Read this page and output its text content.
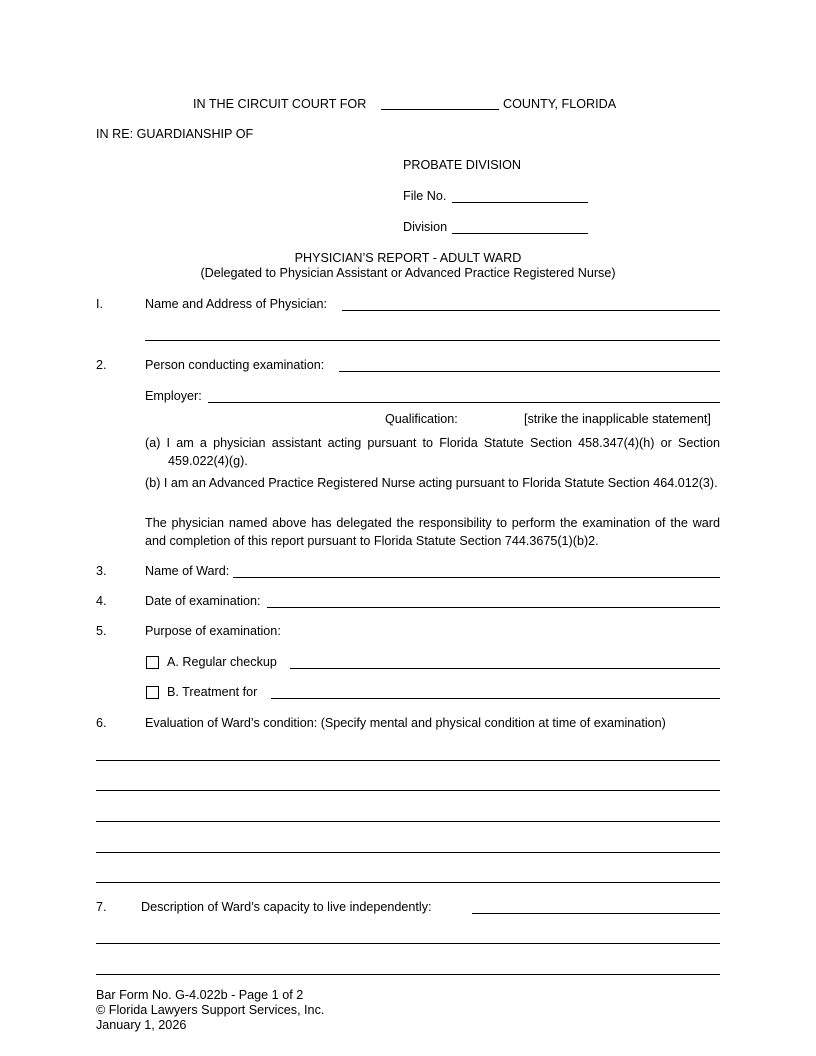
IN THE CIRCUIT COURT FOR	COUNTY, FLORIDA
IN RE: GUARDIANSHIP OF
PROBATE DIVISION
File No.
Division
PHYSICIAN’S REPORT - ADULT WARD
(Delegated to Physician Assistant or Advanced Practice Registered Nurse)
I.	Name and Address of Physician:
2.	Person conducting examination:
Employer:
Qualification:	[strike the inapplicable statement]
(a) I am a physician assistant acting pursuant to Florida Statute Section 458.347(4)(h) or Section 459.022(4)(g).
(b) I am an Advanced Practice Registered Nurse acting pursuant to Florida Statute Section 464.012(3).
The physician named above has delegated the responsibility to perform the examination of the ward and completion of this report pursuant to Florida Statute Section 744.3675(1)(b)2.
3.	Name of Ward:
4.	Date of examination:
5.	Purpose of examination:
A. Regular checkup
B. Treatment for
6.	Evaluation of Ward’s condition: (Specify mental and physical condition at time of examination)
7.	Description of Ward’s capacity to live independently:
Bar Form No. G-4.022b - Page 1 of 2
© Florida Lawyers Support Services, Inc.
January 1, 2026
